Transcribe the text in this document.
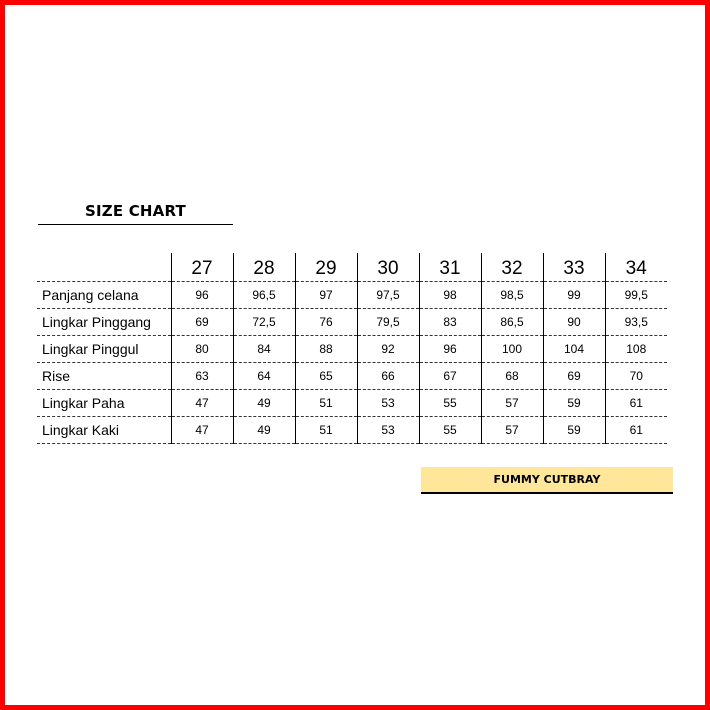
SIZE CHART
	27	28	29	30	31	32	33	34
Panjang celana	96	96,5	97	97,5	98	98,5	99	99,5
Lingkar Pinggang	69	72,5	76	79,5	83	86,5	90	93,5
Lingkar Pinggul	80	84	88	92	96	100	104	108
Rise	63	64	65	66	67	68	69	70
Lingkar Paha	47	49	51	53	55	57	59	61
Lingkar Kaki	47	49	51	53	55	57	59	61
FUMMY CUTBRAY
